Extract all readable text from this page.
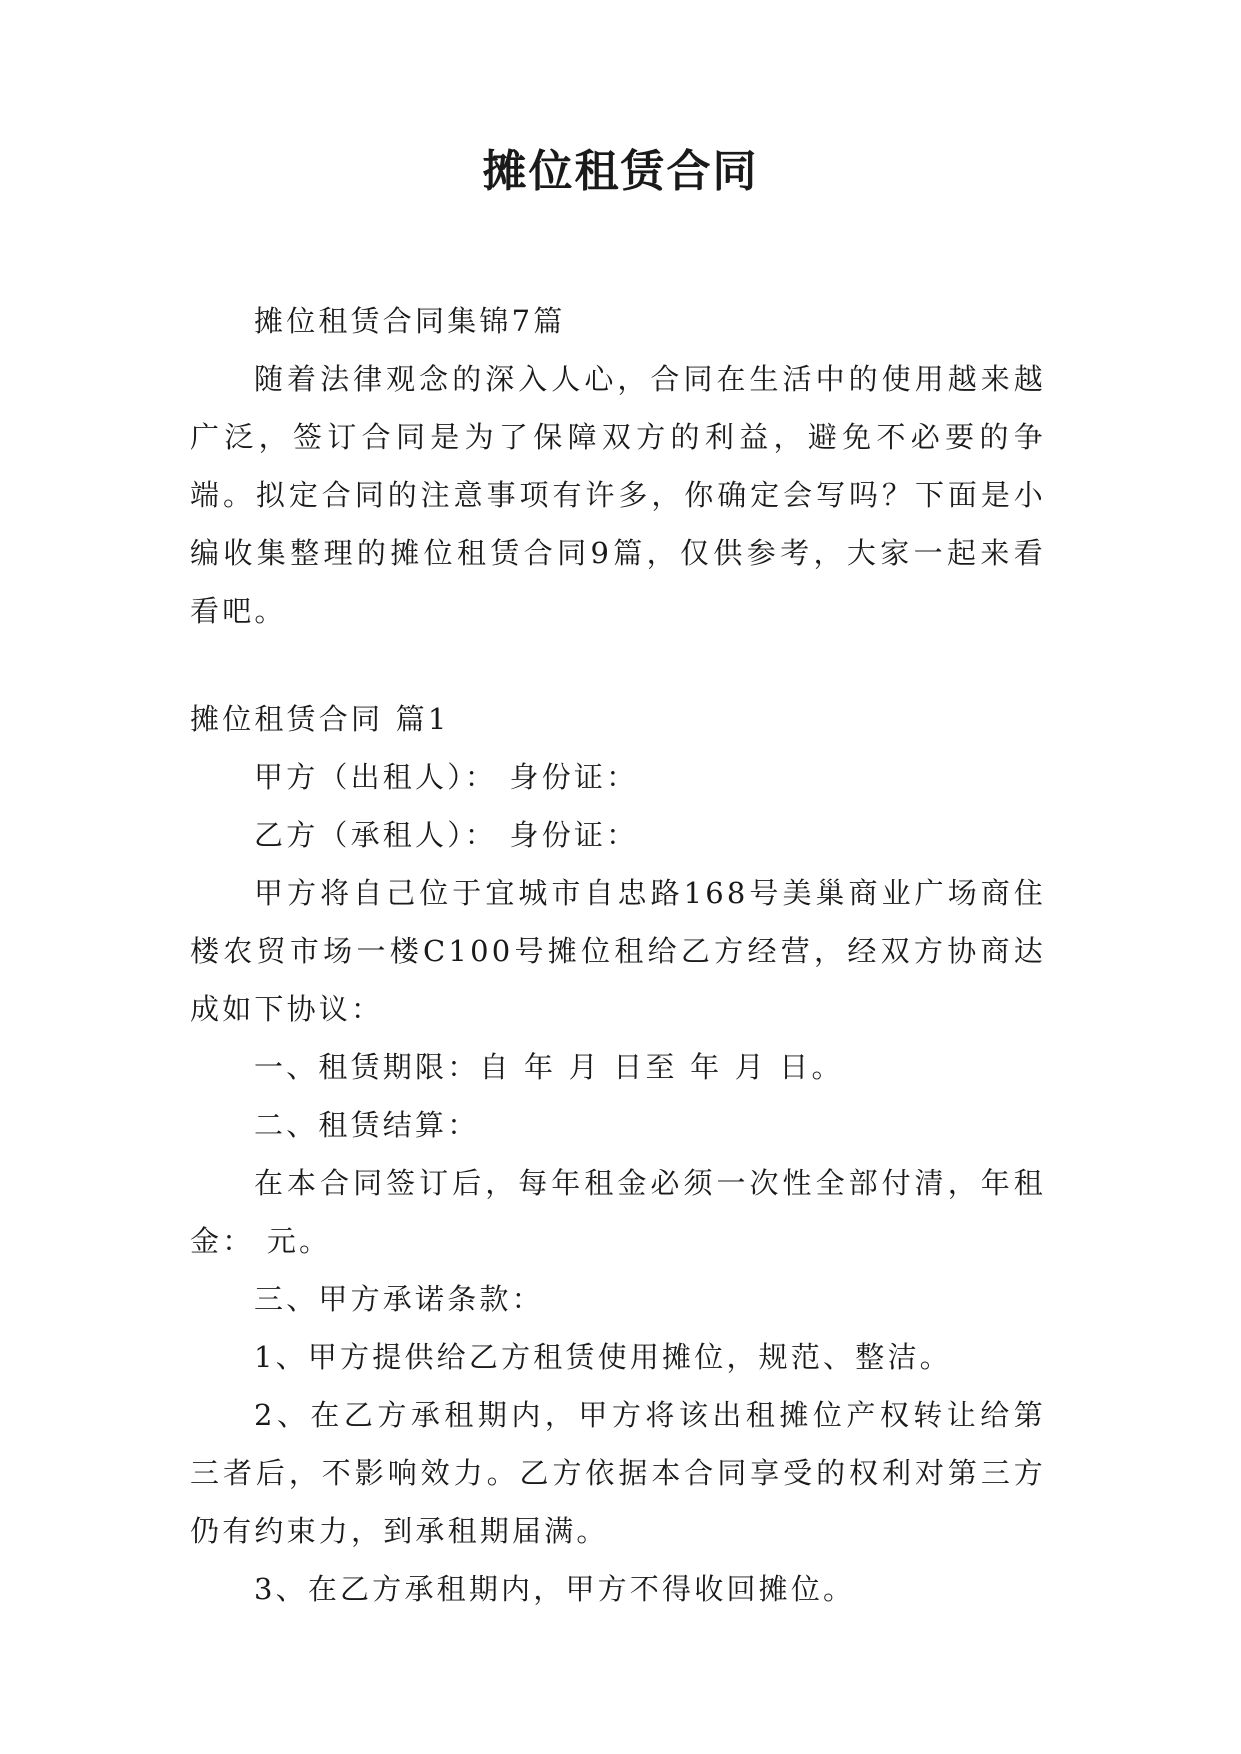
摊位租赁合同

摊位租赁合同集锦7篇

随着法律观念的深入人心，合同在生活中的使用越来越广泛，签订合同是为了保障双方的利益，避免不必要的争端。拟定合同的注意事项有许多，你确定会写吗？下面是小编收集整理的摊位租赁合同9篇，仅供参考，大家一起来看看吧。

摊位租赁合同 篇1

甲方（出租人）： 身份证：

乙方（承租人）： 身份证：

甲方将自己位于宜城市自忠路168号美巢商业广场商住楼农贸市场一楼C100号摊位租给乙方经营，经双方协商达成如下协议：

一、租赁期限：自 年 月 日至 年 月 日。

二、租赁结算：

在本合同签订后，每年租金必须一次性全部付清，年租金： 元。

三、甲方承诺条款：

1、甲方提供给乙方租赁使用摊位，规范、整洁。

2、在乙方承租期内，甲方将该出租摊位产权转让给第三者后，不影响效力。乙方依据本合同享受的权利对第三方仍有约束力，到承租期届满。

3、在乙方承租期内，甲方不得收回摊位。
